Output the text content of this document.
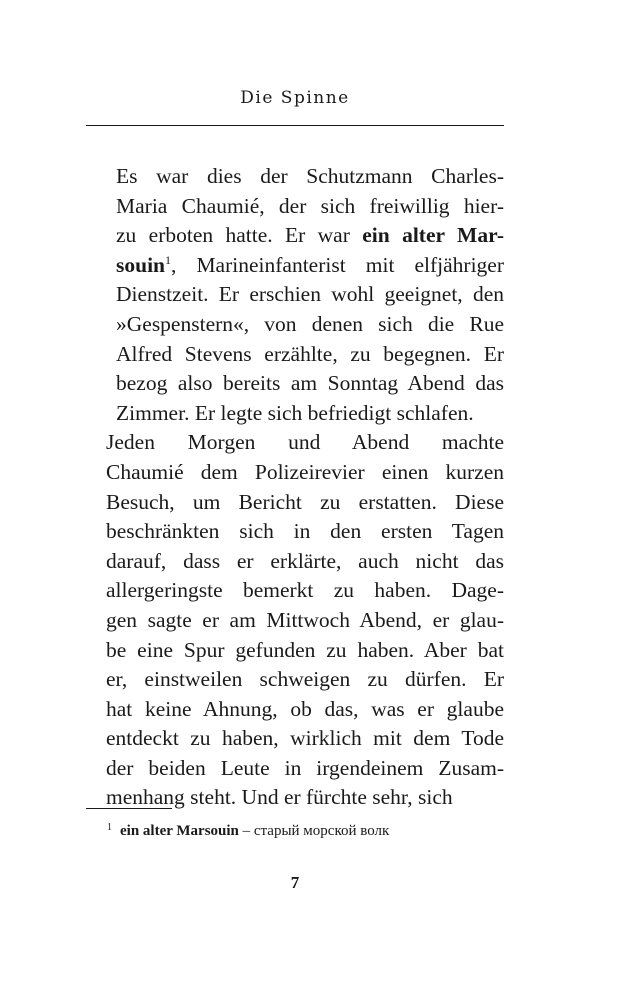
Die Spinne

Es war dies der Schutzmann Charles-
Maria Chaumié, der sich freiwillig hier-
zu erboten hatte. Er war ein alter Mar-
souin$^1$, Marineinfanterist mit elfjähriger
Dienstzeit. Er erschien wohl geeignet, den
»Gespenstern«, von denen sich die Rue
Alfred Stevens erzählte, zu begegnen. Er
bezog also bereits am Sonntag Abend das
Zimmer. Er legte sich befriedigt schlafen.

Jeden Morgen und Abend machte
Chaumié dem Polizeirevier einen kurzen
Besuch, um Bericht zu erstatten. Diese
beschränkten sich in den ersten Tagen
darauf, dass er erklärte, auch nicht das
allergeringste bemerkt zu haben. Dage-
gen sagte er am Mittwoch Abend, er glau-
be eine Spur gefunden zu haben. Aber bat
er, einstweilen schweigen zu dürfen. Er
hat keine Ahnung, ob das, was er glaube
entdeckt zu haben, wirklich mit dem Tode
der beiden Leute in irgendeinem Zusam-
menhang steht. Und er fürchte sehr, sich

$^1$ ein alter Marsouin – старый морской волк
7
